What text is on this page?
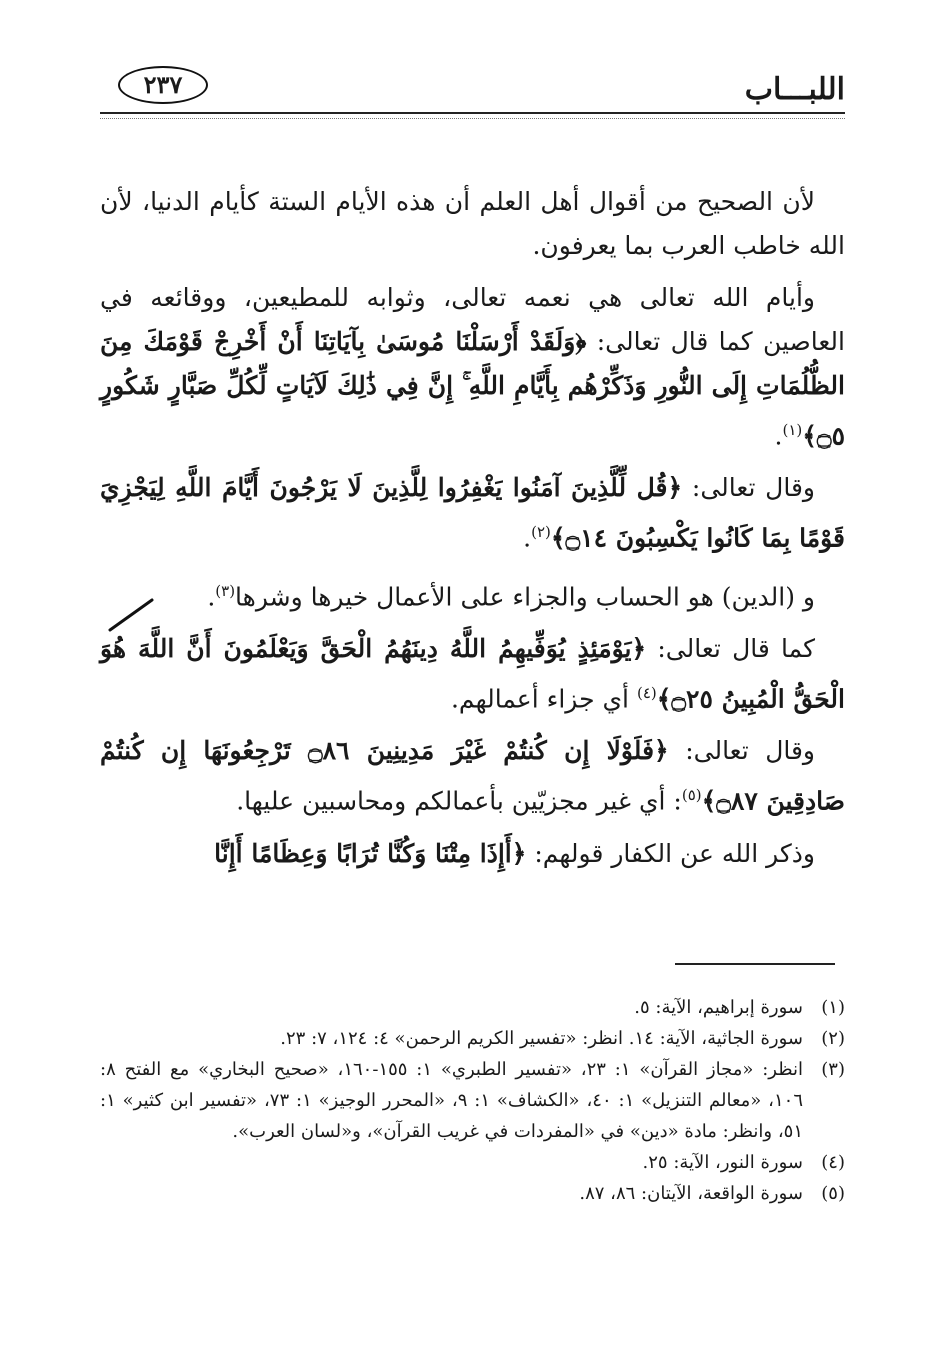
اللبـــاب
٢٣٧

لأن الصحيح من أقوال أهل العلم أن هذه الأيام الستة كأيام الدنيا، لأن الله خاطب العرب بما يعرفون.

وأيام الله تعالى هي نعمه تعالى، وثوابه للمطيعين، ووقائعه في العاصين كما قال تعالى: ﴿وَلَقَدْ أَرْسَلْنَا مُوسَىٰ بِآيَاتِنَا أَنْ أَخْرِجْ قَوْمَكَ مِنَ الظُّلُمَاتِ إِلَى النُّورِ وَذَكِّرْهُم بِأَيَّامِ اللَّهِ ۚ إِنَّ فِي ذَٰلِكَ لَآيَاتٍ لِّكُلِّ صَبَّارٍ شَكُورٍ ۝٥﴾$^{(١)}$.

وقال تعالى: ﴿قُل لِّلَّذِينَ آمَنُوا يَغْفِرُوا لِلَّذِينَ لَا يَرْجُونَ أَيَّامَ اللَّهِ لِيَجْزِيَ قَوْمًا بِمَا كَانُوا يَكْسِبُونَ ۝١٤﴾$^{(٢)}$.

و (الدين) هو الحساب والجزاء على الأعمال خيرها وشرها$^{(٣)}$.

كما قال تعالى: ﴿يَوْمَئِذٍ يُوَفِّيهِمُ اللَّهُ دِينَهُمُ الْحَقَّ وَيَعْلَمُونَ أَنَّ اللَّهَ هُوَ الْحَقُّ الْمُبِينُ ۝٢٥﴾$^{(٤)}$ أي جزاء أعمالهم.

وقال تعالى: ﴿فَلَوْلَا إِن كُنتُمْ غَيْرَ مَدِينِينَ ۝٨٦ تَرْجِعُونَهَا إِن كُنتُمْ صَادِقِينَ ۝٨٧﴾$^{(٥)}$: أي غير مجزيّين بأعمالكم ومحاسبين عليها.

وذكر الله عن الكفار قولهم: ﴿أَإِذَا مِتْنَا وَكُنَّا تُرَابًا وَعِظَامًا أَإِنَّا

(١)
سورة إبراهيم، الآية: ٥.
(٢)
سورة الجاثية، الآية: ١٤. انظر: «تفسير الكريم الرحمن» ٤: ١٢٤، ٧: ٢٣.
(٣)
انظر: «مجاز القرآن» ١: ٢٣، «تفسير الطبري» ١: ١٥٥-١٦٠، «صحيح البخاري» مع الفتح ٨: ١٠٦، «معالم التنزيل» ١: ٤٠، «الكشاف» ١: ٩، «المحرر الوجيز» ١: ٧٣، «تفسير ابن كثير» ١: ٥١، وانظر: مادة «دين» في «المفردات في غريب القرآن»، و«لسان العرب».
(٤)
سورة النور، الآية: ٢٥.
(٥)
سورة الواقعة، الآيتان: ٨٦، ٨٧.
